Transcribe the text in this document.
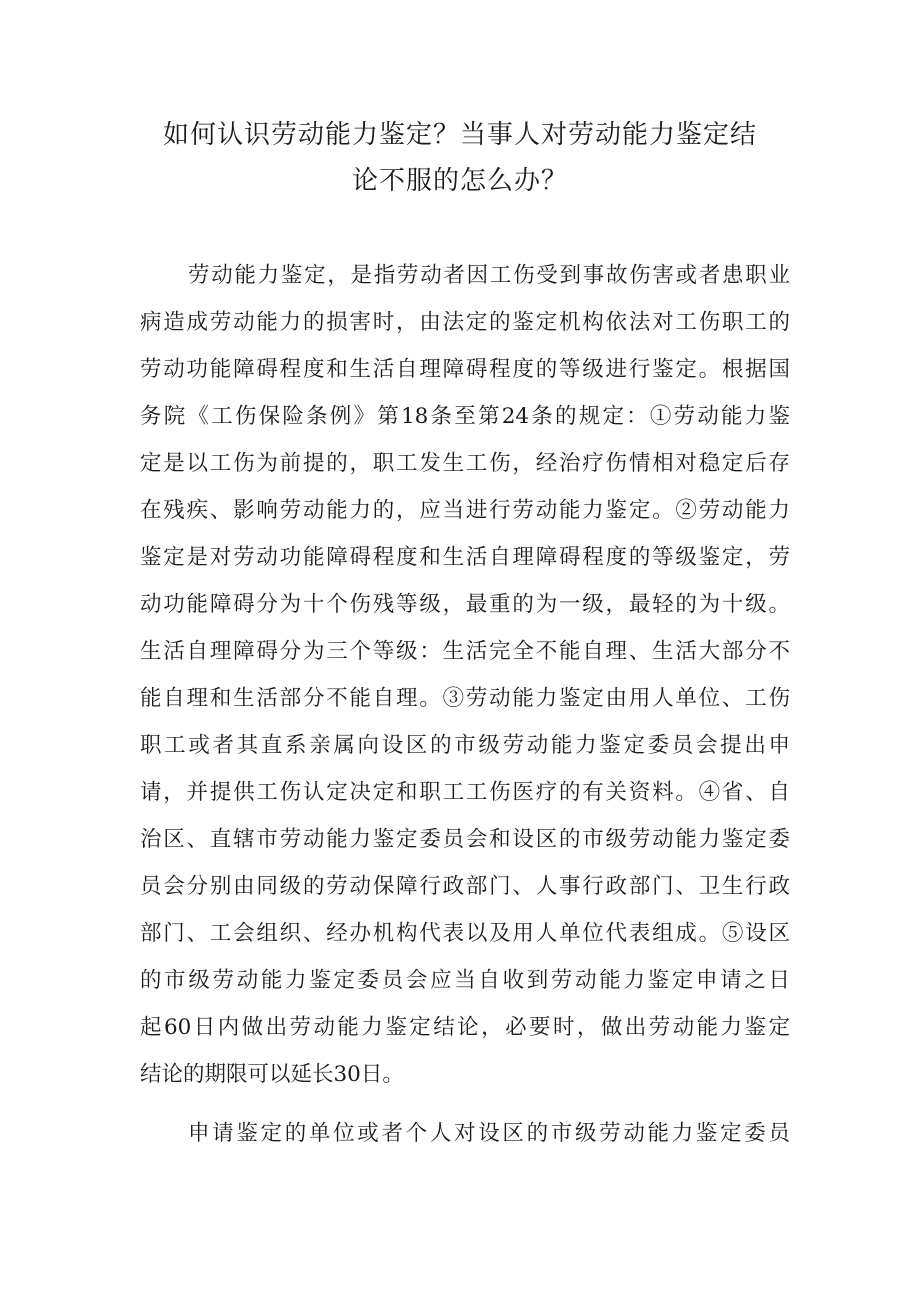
如何认识劳动能力鉴定？当事人对劳动能力鉴定结
论不服的怎么办？
劳动能力鉴定，是指劳动者因工伤受到事故伤害或者患职业
病造成劳动能力的损害时，由法定的鉴定机构依法对工伤职工的
劳动功能障碍程度和生活自理障碍程度的等级进行鉴定。根据国
务院《工伤保险条例》第18条至第24条的规定：①劳动能力鉴
定是以工伤为前提的，职工发生工伤，经治疗伤情相对稳定后存
在残疾、影响劳动能力的，应当进行劳动能力鉴定。②劳动能力
鉴定是对劳动功能障碍程度和生活自理障碍程度的等级鉴定，劳
动功能障碍分为十个伤残等级，最重的为一级，最轻的为十级。
生活自理障碍分为三个等级：生活完全不能自理、生活大部分不
能自理和生活部分不能自理。③劳动能力鉴定由用人单位、工伤
职工或者其直系亲属向设区的市级劳动能力鉴定委员会提出申
请，并提供工伤认定决定和职工工伤医疗的有关资料。④省、自
治区、直辖市劳动能力鉴定委员会和设区的市级劳动能力鉴定委
员会分别由同级的劳动保障行政部门、人事行政部门、卫生行政
部门、工会组织、经办机构代表以及用人单位代表组成。⑤设区
的市级劳动能力鉴定委员会应当自收到劳动能力鉴定申请之日
起60日内做出劳动能力鉴定结论，必要时，做出劳动能力鉴定
结论的期限可以延长30日。
申请鉴定的单位或者个人对设区的市级劳动能力鉴定委员
